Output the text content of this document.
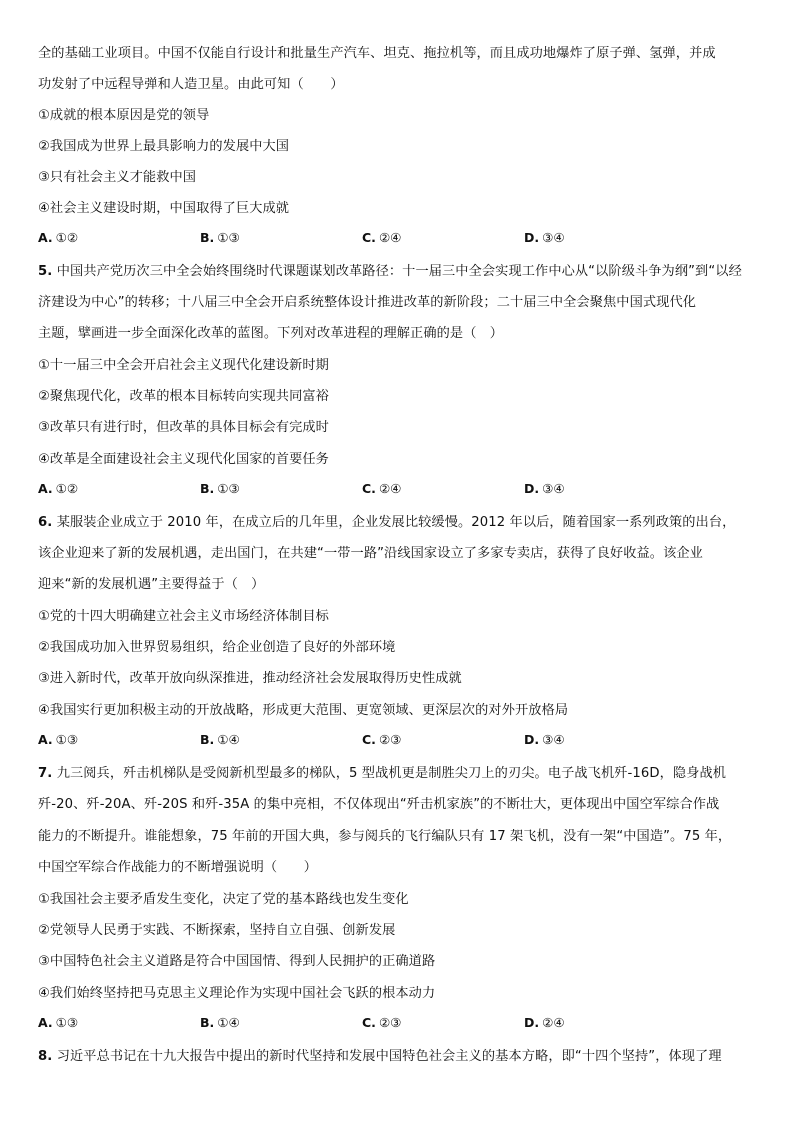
全的基础工业项目。中国不仅能自行设计和批量生产汽车、坦克、拖拉机等，而且成功地爆炸了原子弹、氢弹，并成
功发射了中远程导弹和人造卫星。由此可知（　　）
①成就的根本原因是党的领导
②我国成为世界上最具影响力的发展中大国
③只有社会主义才能救中国
④社会主义建设时期，中国取得了巨大成就
A. ①②	B. ①③	C. ②④	D. ③④
5. 中国共产党历次三中全会始终围绕时代课题谋划改革路径：十一届三中全会实现工作中心从“以阶级斗争为纲”到“以经
济建设为中心”的转移；十八届三中全会开启系统整体设计推进改革的新阶段；二十届三中全会聚焦中国式现代化
主题，擘画进一步全面深化改革的蓝图。下列对改革进程的理解正确的是（　）
①十一届三中全会开启社会主义现代化建设新时期
②聚焦现代化，改革的根本目标转向实现共同富裕
③改革只有进行时，但改革的具体目标会有完成时
④改革是全面建设社会主义现代化国家的首要任务
A. ①②	B. ①③	C. ②④	D. ③④
6. 某服装企业成立于 2010 年，在成立后的几年里，企业发展比较缓慢。2012 年以后，随着国家一系列政策的出台，
该企业迎来了新的发展机遇，走出国门，在共建“一带一路”沿线国家设立了多家专卖店，获得了良好收益。该企业
迎来“新的发展机遇”主要得益于（　）
①党的十四大明确建立社会主义市场经济体制目标
②我国成功加入世界贸易组织，给企业创造了良好的外部环境
③进入新时代，改革开放向纵深推进，推动经济社会发展取得历史性成就
④我国实行更加积极主动的开放战略，形成更大范围、更宽领域、更深层次的对外开放格局
A. ①③	B. ①④	C. ②③	D. ③④
7. 九三阅兵，歼击机梯队是受阅新机型最多的梯队，5 型战机更是制胜尖刀上的刃尖。电子战飞机歼-16D，隐身战机
歼-20、歼-20A、歼-20S 和歼-35A 的集中亮相，不仅体现出“歼击机家族”的不断壮大，更体现出中国空军综合作战
能力的不断提升。谁能想象，75 年前的开国大典，参与阅兵的飞行编队只有 17 架飞机，没有一架“中国造”。75 年，
中国空军综合作战能力的不断增强说明（　　）
①我国社会主要矛盾发生变化，决定了党的基本路线也发生变化
②党领导人民勇于实践、不断探索，坚持自立自强、创新发展
③中国特色社会主义道路是符合中国国情、得到人民拥护的正确道路
④我们始终坚持把马克思主义理论作为实现中国社会飞跃的根本动力
A. ①③	B. ①④	C. ②③	D. ②④
8. 习近平总书记在十九大报告中提出的新时代坚持和发展中国特色社会主义的基本方略，即“十四个坚持”，体现了理
